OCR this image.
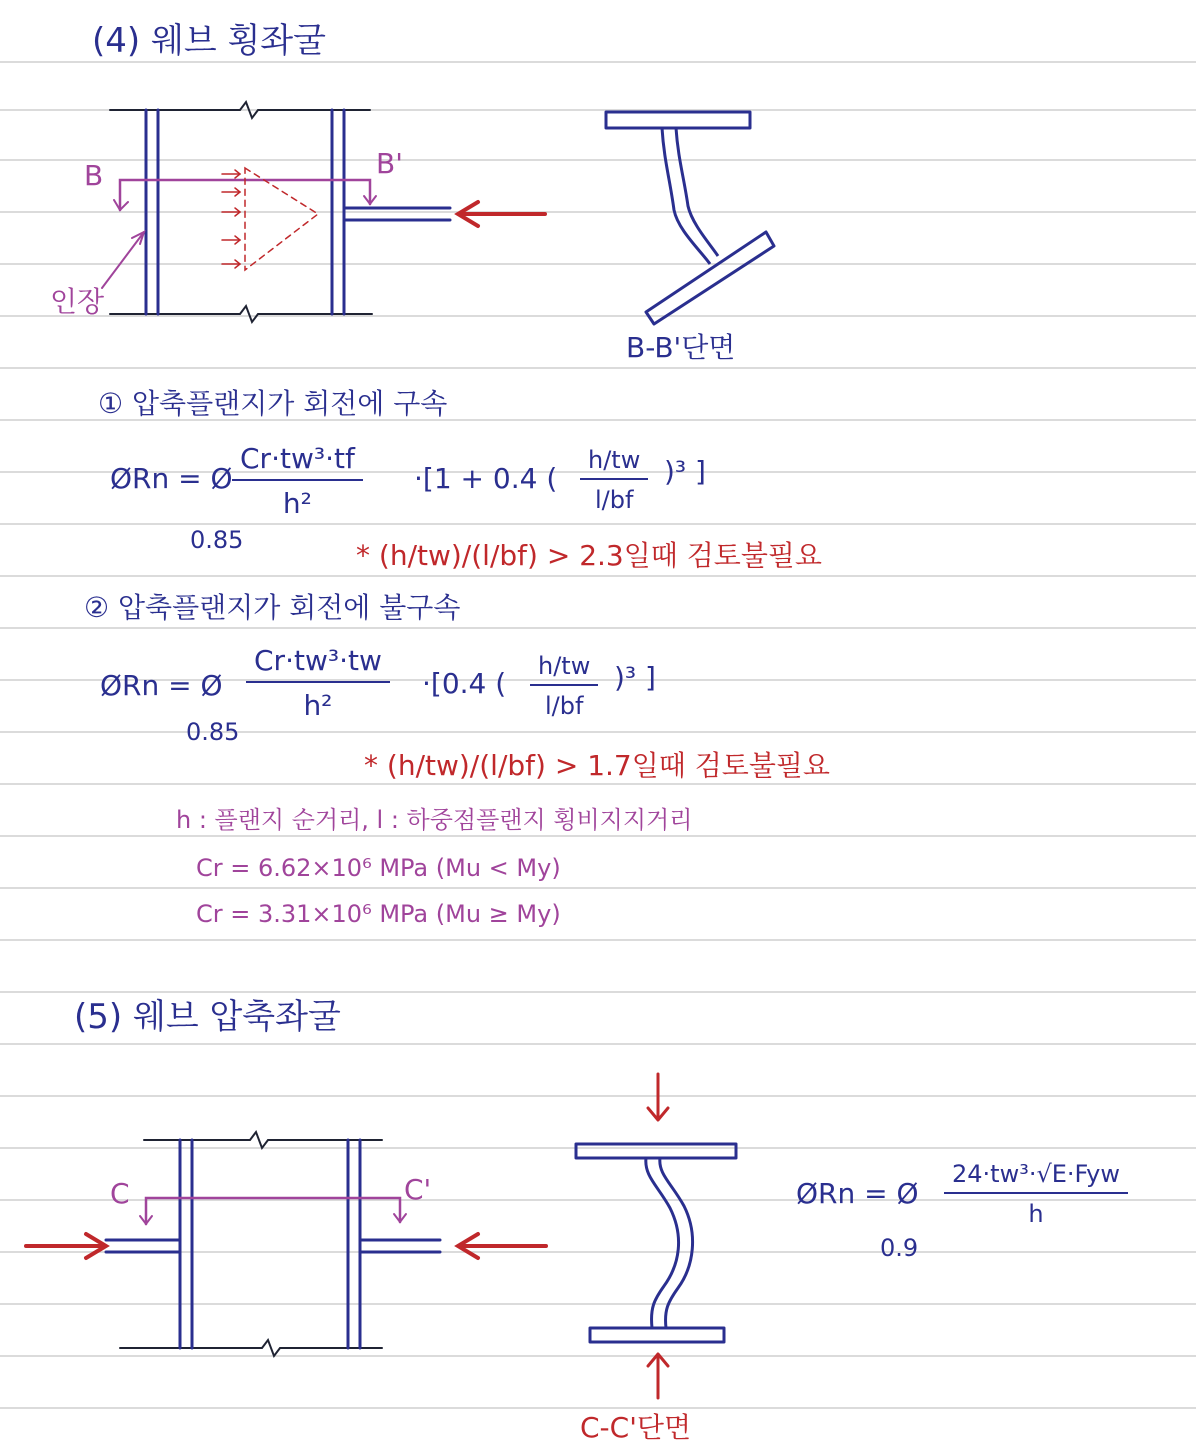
(4) 웨브 횡좌굴
B	B'
인장
B-B'단면
① 압축플랜지가 회전에 구속
ØRn = Ø
0.85
$\frac{\text{Cr·tw³·tf}}{\text{h²}} \cdot[1 + 0.4$ ( $\frac{h/tw}{l/bf} )^3$ ]
* (h/tw)/(l/bf) > 2.3일때 검토불필요
② 압축플랜지가 회전에 불구속
ØRn = Ø
0.85
$\frac{\text{Cr·tw³·tw}}{\text{h²}} \cdot[0.4$ ( $\frac{h/tw}{l/bf} )^3$ ]
* (h/tw)/(l/bf) > 1.7일때 검토불필요
h : 플랜지 순거리, l : 하중점플랜지 횡비지지거리
Cr = 6.62×10⁶ MPa (Mu < My)
Cr = 3.31×10⁶ MPa (Mu ≥ My)
(5) 웨브 압축좌굴
C	C'
C-C'단면
ØRn = Ø
0.9
24·tw³·√E·Fyw
h
